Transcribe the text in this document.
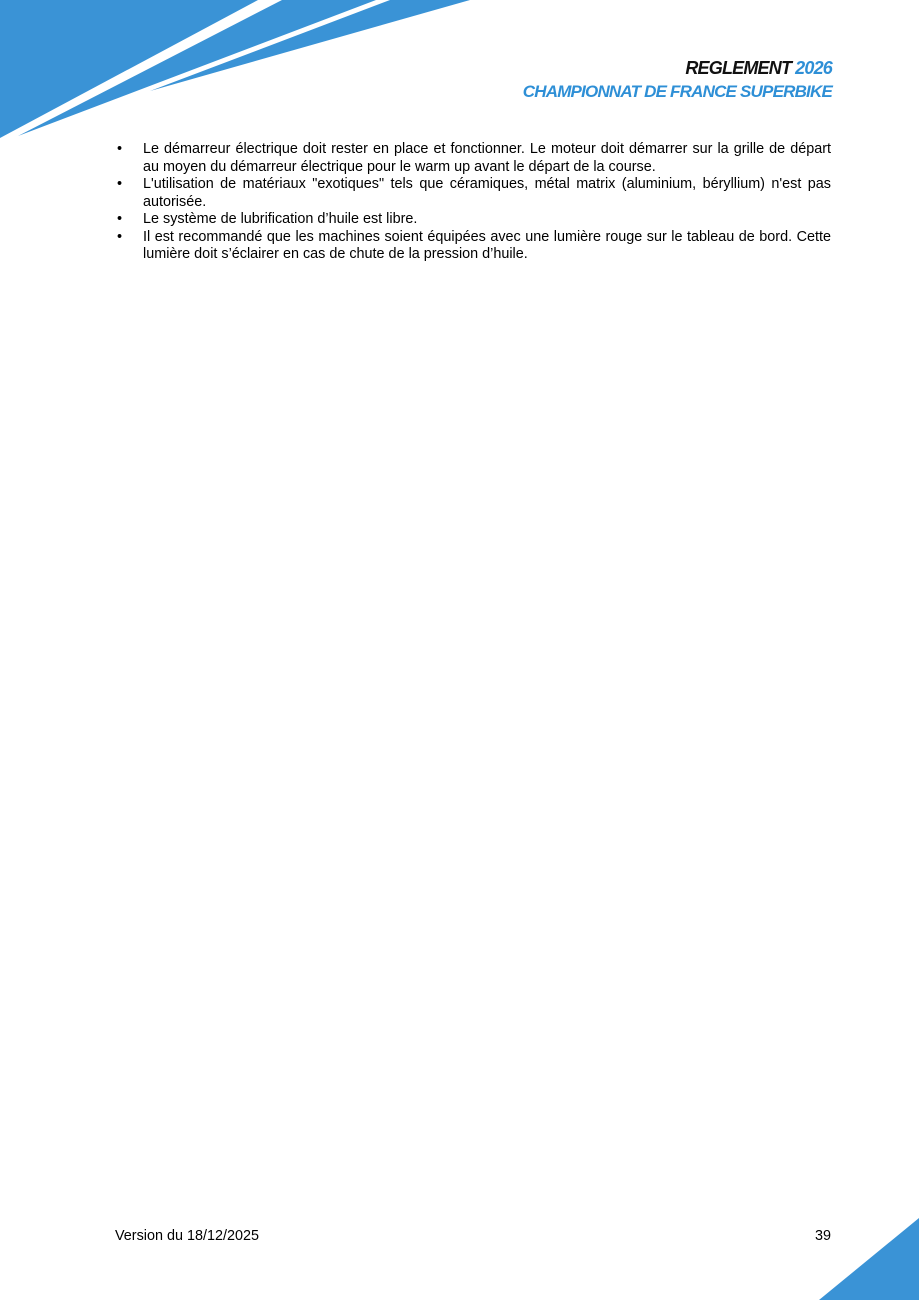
REGLEMENT 2026
CHAMPIONNAT DE FRANCE SUPERBIKE
• Le démarreur électrique doit rester en place et fonctionner. Le moteur doit démarrer sur la grille de départ au moyen du démarreur électrique pour le warm up avant le départ de la course.
• L'utilisation de matériaux "exotiques" tels que céramiques, métal matrix (aluminium, béryllium) n'est pas autorisée.
• Le système de lubrification d’huile est libre.
• Il est recommandé que les machines soient équipées avec une lumière rouge sur le tableau de bord. Cette lumière doit s’éclairer en cas de chute de la pression d’huile.
Version du 18/12/2025	39
